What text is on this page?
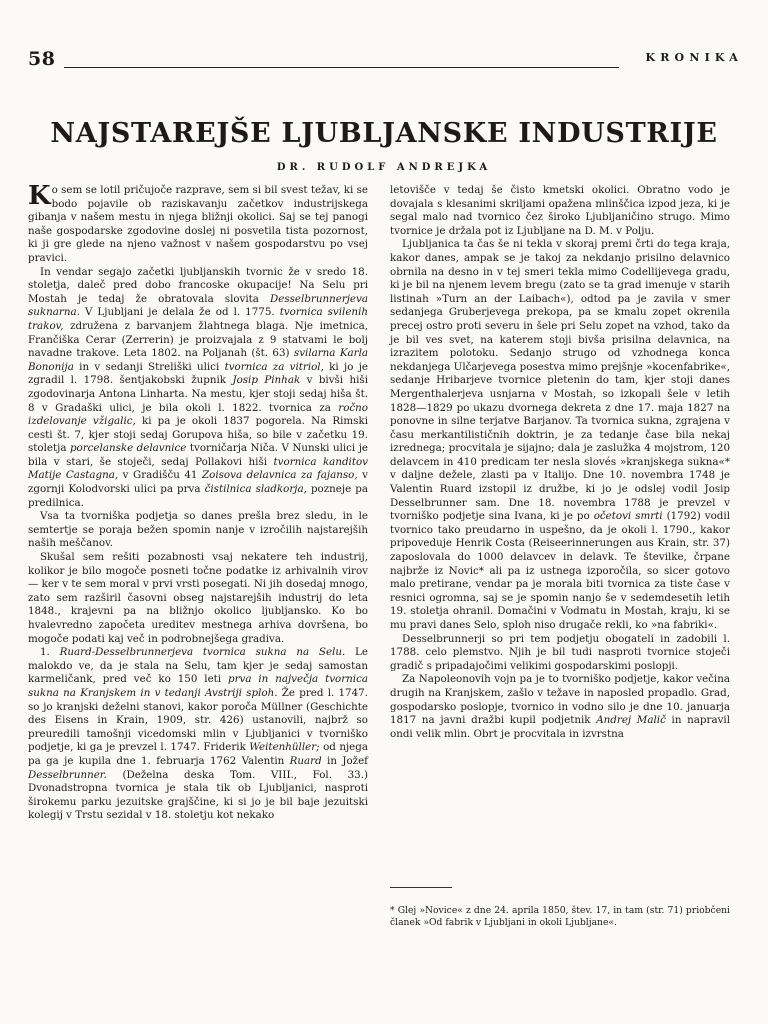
58	KRONIKA
NAJSTAREJŠE LJUBLJANSKE INDUSTRIJE

DR. RUDOLF ANDREJKA

Ko sem se lotil pričujoče razprave, sem si bil svest težav, ki se bodo pojavile ob raziskavanju začetkov industrijskega gibanja v našem mestu in njega bližnji okolici. Saj se tej panogi naše gospodarske zgodovine doslej ni posvetila tista pozornost, ki ji gre glede na njeno važnost v našem gospodarstvu po vsej pravici.

In vendar segajo začetki ljubljanskih tvornic že v sredo 18. stoletja, daleč pred dobo francoske okupacije! Na Selu pri Mostah je tedaj že obratovala slovita Desselbrunnerjeva suknarna. V Ljubljani je delala že od l. 1775. tvornica svilenih trakov, združena z barvanjem žlahtnega blaga. Nje imetnica, Frančiška Cerar (Zerrerin) je proizvajala z 9 statvami le bolj navadne trakove. Leta 1802. na Poljanah (št. 63) svilarna Karla Bononija in v sedanji Streliški ulici tvornica za vitriol, ki jo je zgradil l. 1798. šentjakobski župnik Josip Pinhak v bivši hiši zgodovinarja Antona Linharta. Na mestu, kjer stoji sedaj hiša št. 8 v Gradaški ulici, je bila okoli l. 1822. tvornica za ročno izdelovanje vžigalic, ki pa je okoli 1837 pogorela. Na Rimski cesti št. 7, kjer stoji sedaj Gorupova hiša, so bile v začetku 19. stoletja porcelanske delavnice tvorničarja Niča. V Nunski ulici je bila v stari, še stoječi, sedaj Pollakovi hiši tvornica kanditov Matije Castagna, v Gradišču 41 Zoisova delavnica za fajanso, v zgornji Kolodvorski ulici pa prva čistilnica sladkorja, pozneje pa predilnica.

Vsa ta tvorniška podjetja so danes prešla brez sledu, in le semtertje se poraja bežen spomin nanje v izročilih najstarejših naših meščanov.

Skušal sem rešiti pozabnosti vsaj nekatere teh industrij, kolikor je bilo mogoče posneti točne podatke iz arhivalnih virov — ker v te sem moral v prvi vrsti posegati. Ni jih dosedaj mnogo, zato sem razširil časovni obseg najstarejših industrij do leta 1848., krajevni pa na bližnjo okolico ljubljansko. Ko bo hvalevredno započeta ureditev mestnega arhiva dovršena, bo mogoče podati kaj več in podrobnejšega gradiva.

1. Ruard-Desselbrunnerjeva tvornica sukna na Selu. Le malokdo ve, da je stala na Selu, tam kjer je sedaj samostan karmeličank, pred več ko 150 leti prva in največja tvornica sukna na Kranjskem in v tedanji Avstriji sploh. Že pred l. 1747. so jo kranjski deželni stanovi, kakor poroča Müllner (Geschichte des Eisens in Krain, 1909, str. 426) ustanovili, najbrž so preuredili tamošnji vicedomski mlin v Ljubljanici v tvorniško podjetje, ki ga je prevzel l. 1747. Friderik Weitenhüller; od njega pa ga je kupila dne 1. februarja 1762 Valentin Ruard in Jožef Desselbrunner. (Deželna deska Tom. VIII., Fol. 33.) Dvonadstropna tvornica je stala tik ob Ljubljanici, nasproti širokemu parku jezuitske grajščine, ki si jo je bil baje jezuitski kolegij v Trstu sezidal v 18. stoletju kot nekako

letovišče v tedaj še čisto kmetski okolici. Obratno vodo je dovajala s klesanimi skriljami opažena mlinščica izpod jeza, ki je segal malo nad tvornico čez široko Ljubljaničino strugo. Mimo tvornice je držala pot iz Ljubljane na D. M. v Polju.

Ljubljanica ta čas še ni tekla v skoraj premi črti do tega kraja, kakor danes, ampak se je takoj za nekdanjo prisilno delavnico obrnila na desno in v tej smeri tekla mimo Codellijevega gradu, ki je bil na njenem levem bregu (zato se ta grad imenuje v starih listinah »Turn an der Laibach«), odtod pa je zavila v smer sedanjega Gruberjevega prekopa, pa se kmalu zopet okrenila precej ostro proti severu in šele pri Selu zopet na vzhod, tako da je bil ves svet, na katerem stoji bivša prisilna delavnica, na izrazitem polotoku. Sedanjo strugo od vzhodnega konca nekdanjega Ulčarjevega posestva mimo prejšnje »kocenfabrike«, sedanje Hribarjeve tvornice pletenin do tam, kjer stoji danes Mergenthalerjeva usnjarna v Mostah, so izkopali šele v letih 1828—1829 po ukazu dvornega dekreta z dne 17. maja 1827 na ponovne in silne terjatve Barjanov. Ta tvornica sukna, zgrajena v času merkantilističnih doktrin, je za tedanje čase bila nekaj izrednega; procvitala je sijajno; dala je zaslužka 4 mojstrom, 120 delavcem in 410 predicam ter nesla slovés »kranjskega sukna«* v daljne dežele, zlasti pa v Italijo. Dne 10. novembra 1748 je Valentin Ruard izstopil iz družbe, ki jo je odslej vodil Josip Desselbrunner sam. Dne 18. novembra 1788 je prevzel v tvorniško podjetje sina Ivana, ki je po očetovi smrti (1792) vodil tvornico tako preudarno in uspešno, da je okoli l. 1790., kakor pripoveduje Henrik Costa (Reiseerinnerungen aus Krain, str. 37) zaposlovala do 1000 delavcev in delavk. Te številke, črpane najbrže iz Novic* ali pa iz ustnega izporočila, so sicer gotovo malo pretirane, vendar pa je morala biti tvornica za tiste čase v resnici ogromna, saj se je spomin nanjo še v sedemdesetih letih 19. stoletja ohranil. Domačini v Vodmatu in Mostah, kraju, ki se mu pravi danes Selo, sploh niso drugače rekli, ko »na fabriki«.

Desselbrunnerji so pri tem podjetju obogateli in zadobili l. 1788. celo plemstvo. Njih je bil tudi nasproti tvornice stoječi gradič s pripadajočimi velikimi gospodarskimi poslopji.

Za Napoleonovih vojn pa je to tvorniško podjetje, kakor večina drugih na Kranjskem, zašlo v težave in naposled propadlo. Grad, gospodarsko poslopje, tvornico in vodno silo je dne 10. januarja 1817 na javni dražbi kupil podjetnik Andrej Malič in napravil ondi velik mlin. Obrt je procvitala in izvrstna

* Glej »Novice« z dne 24. aprila 1850, štev. 17, in tam (str. 71) priobčeni članek »Od fabrik v Ljubljani in okoli Ljubljane«.
